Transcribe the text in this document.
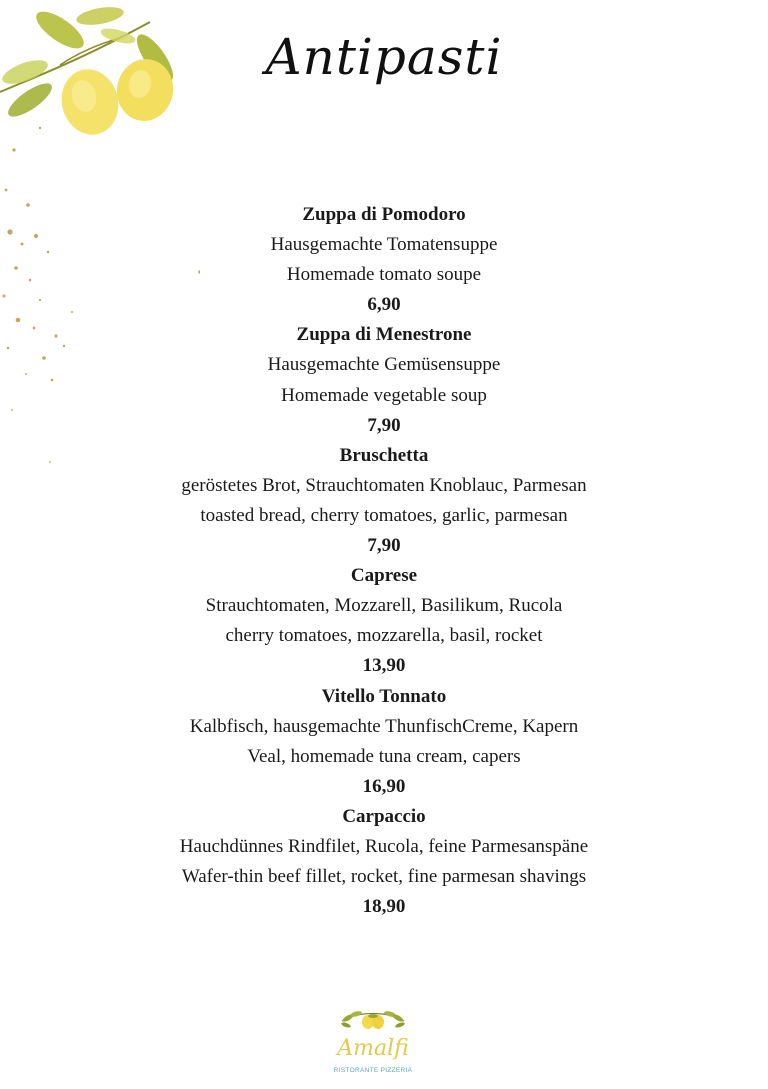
Antipasti
Zuppa di Pomodoro
Hausgemachte Tomatensuppe
Homemade tomato soupe
6,90
Zuppa di Menestrone
Hausgemachte Gemüsensuppe
Homemade vegetable soup
7,90
Bruschetta
geröstetes Brot, Strauchtomaten Knoblauc, Parmesan
toasted bread, cherry tomatoes, garlic, parmesan
7,90
Caprese
Strauchtomaten, Mozzarell, Basilikum, Rucola
cherry tomatoes, mozzarella, basil, rocket
13,90
Vitello Tonnato
Kalbfisch, hausgemachte ThunfischCreme, Kapern
Veal, homemade tuna cream, capers
16,90
Carpaccio
Hauchdünnes Rindfilet, Rucola, feine Parmesanspäne
Wafer-thin beef fillet, rocket, fine parmesan shavings
18,90
Amalfi
RISTORANTE PIZZERIA
